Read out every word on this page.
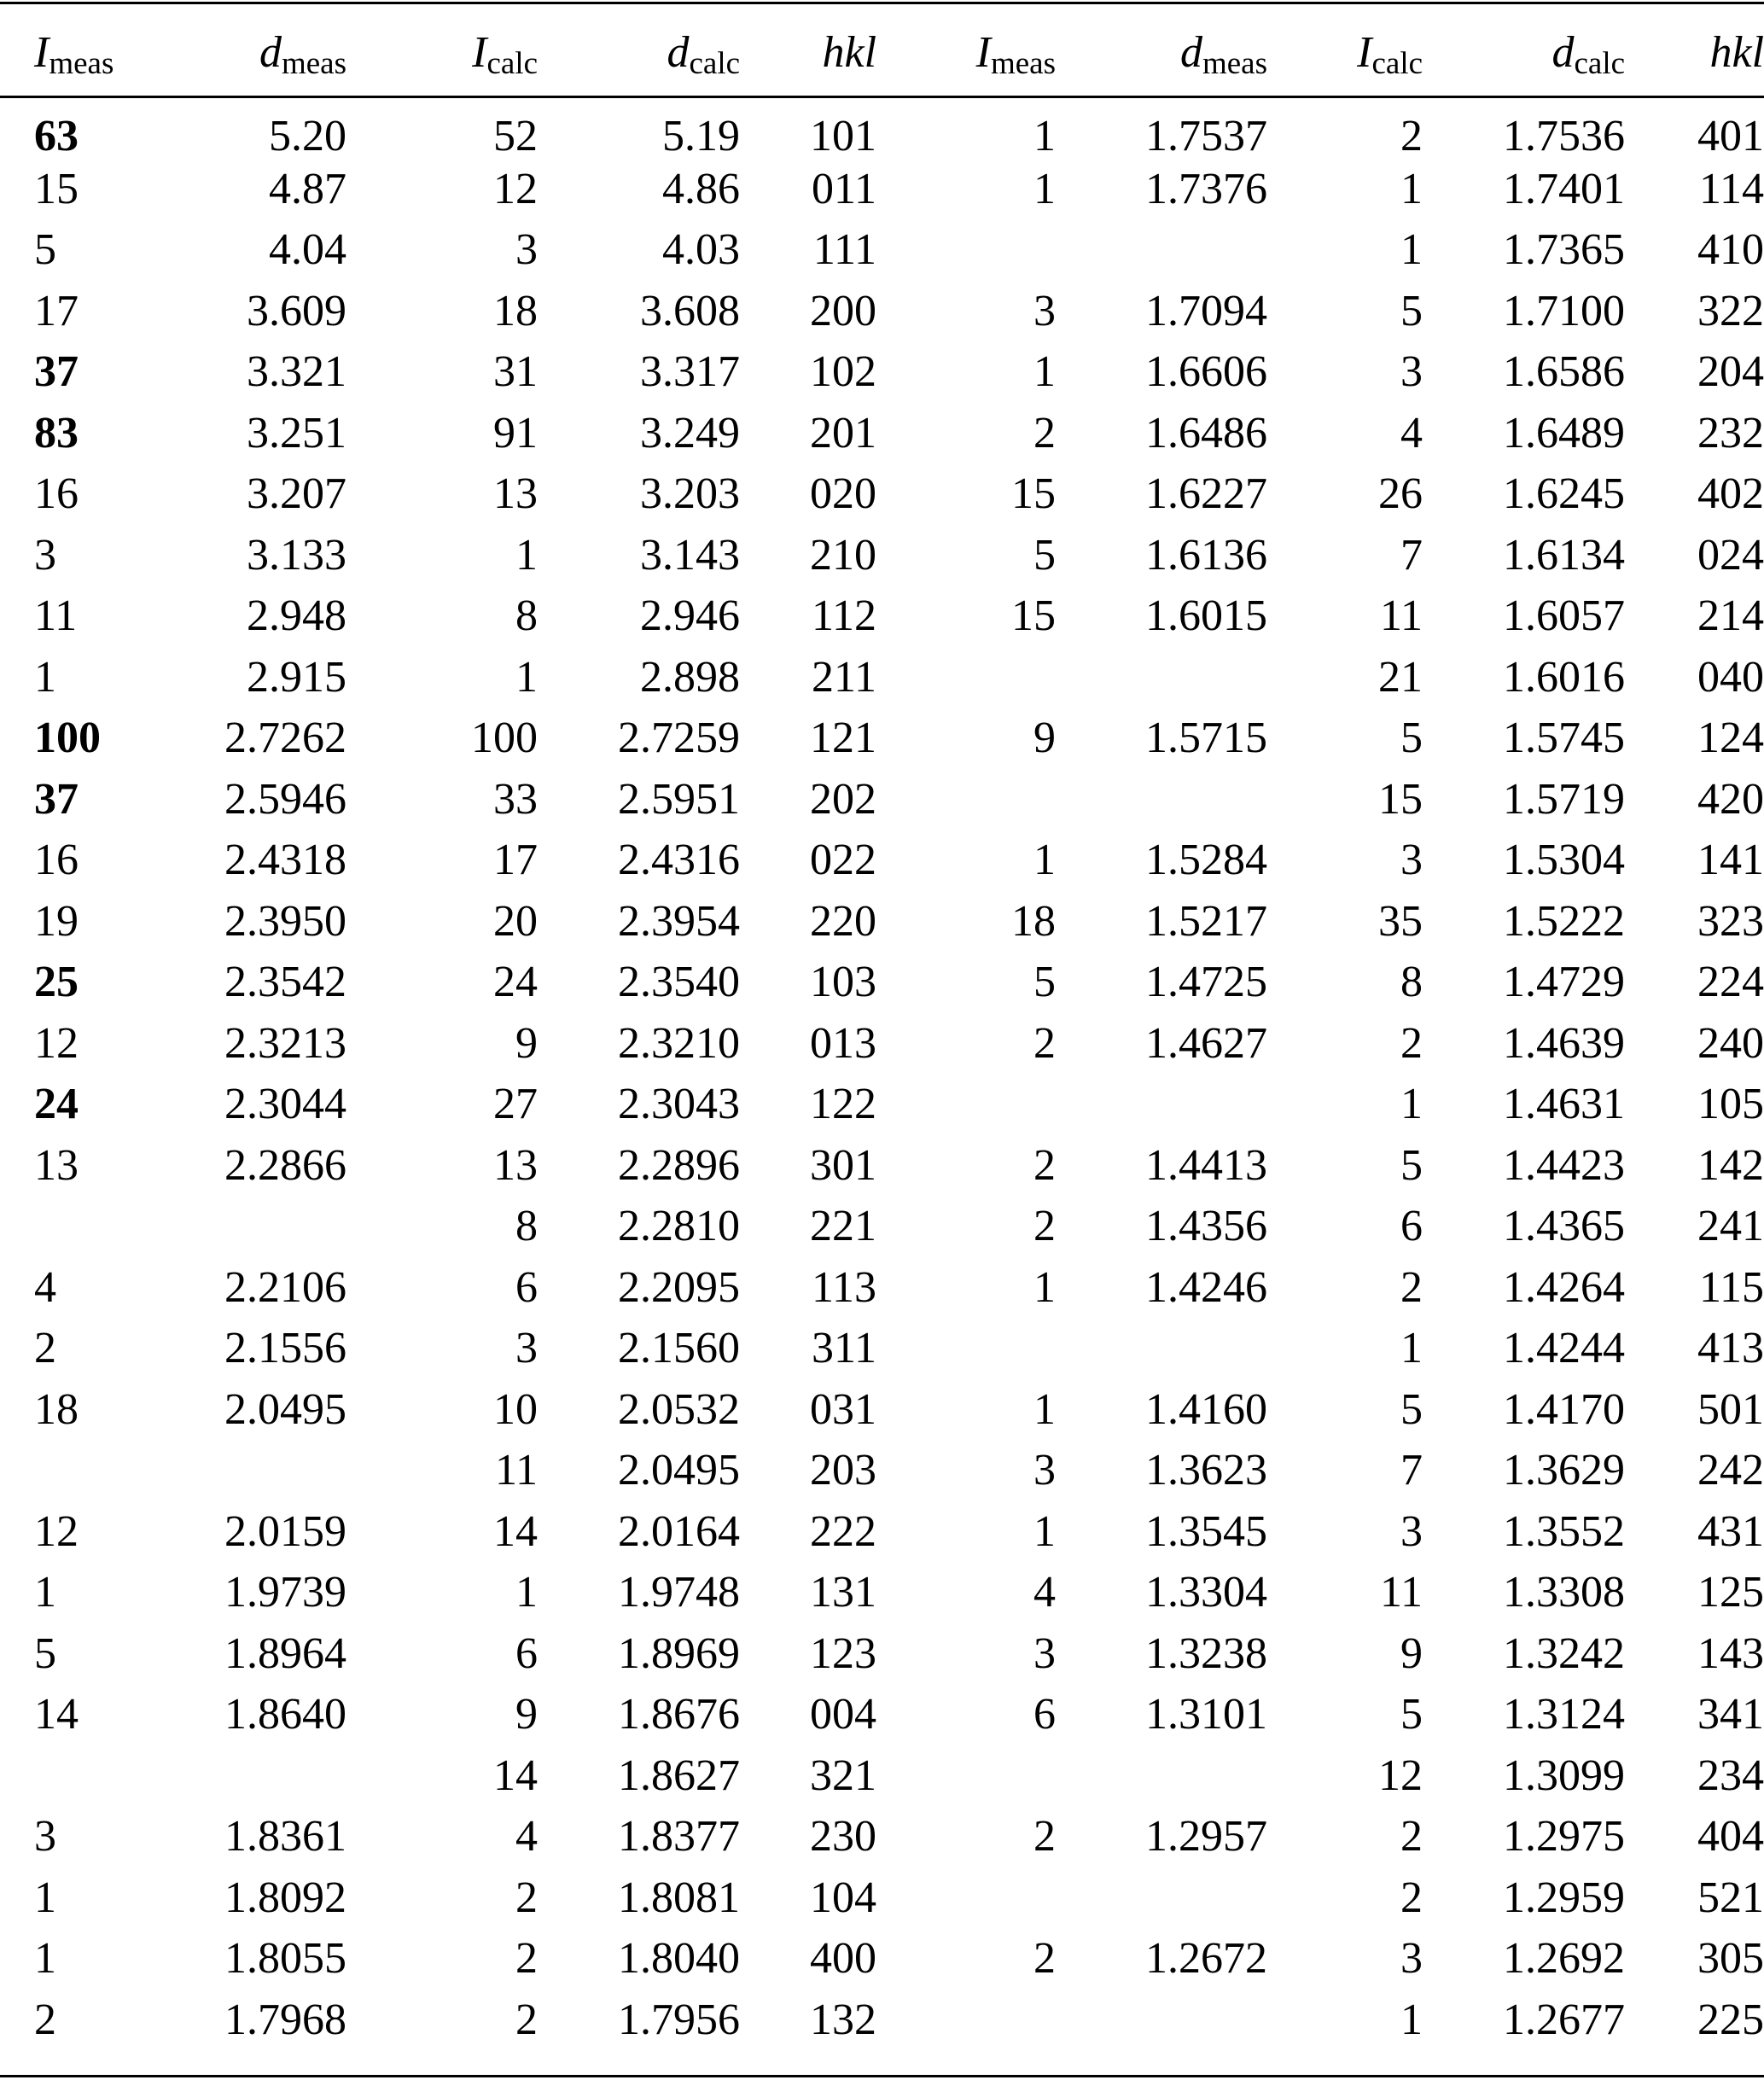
$I_{meas}$	$d_{meas}$	$I_{calc}$	$d_{calc}$	hkl	$I_{meas}$	$d_{meas}$	$I_{calc}$	$d_{calc}$	hkl
63	5.20	52	5.19	101	1	1.7537	2	1.7536	401
15	4.87	12	4.86	011	1	1.7376	1	1.7401	114
5	4.04	3	4.03	111			1	1.7365	410
17	3.609	18	3.608	200	3	1.7094	5	1.7100	322
37	3.321	31	3.317	102	1	1.6606	3	1.6586	204
83	3.251	91	3.249	201	2	1.6486	4	1.6489	232
16	3.207	13	3.203	020	15	1.6227	26	1.6245	402
3	3.133	1	3.143	210	5	1.6136	7	1.6134	024
11	2.948	8	2.946	112	15	1.6015	11	1.6057	214
1	2.915	1	2.898	211			21	1.6016	040
100	2.7262	100	2.7259	121	9	1.5715	5	1.5745	124
37	2.5946	33	2.5951	202			15	1.5719	420
16	2.4318	17	2.4316	022	1	1.5284	3	1.5304	141
19	2.3950	20	2.3954	220	18	1.5217	35	1.5222	323
25	2.3542	24	2.3540	103	5	1.4725	8	1.4729	224
12	2.3213	9	2.3210	013	2	1.4627	2	1.4639	240
24	2.3044	27	2.3043	122			1	1.4631	105
13	2.2866	13	2.2896	301	2	1.4413	5	1.4423	142
		8	2.2810	221	2	1.4356	6	1.4365	241
4	2.2106	6	2.2095	113	1	1.4246	2	1.4264	115
2	2.1556	3	2.1560	311			1	1.4244	413
18	2.0495	10	2.0532	031	1	1.4160	5	1.4170	501
		11	2.0495	203	3	1.3623	7	1.3629	242
12	2.0159	14	2.0164	222	1	1.3545	3	1.3552	431
1	1.9739	1	1.9748	131	4	1.3304	11	1.3308	125
5	1.8964	6	1.8969	123	3	1.3238	9	1.3242	143
14	1.8640	9	1.8676	004	6	1.3101	5	1.3124	341
		14	1.8627	321			12	1.3099	234
3	1.8361	4	1.8377	230	2	1.2957	2	1.2975	404
1	1.8092	2	1.8081	104			2	1.2959	521
1	1.8055	2	1.8040	400	2	1.2672	3	1.2692	305
2	1.7968	2	1.7956	132			1	1.2677	225
